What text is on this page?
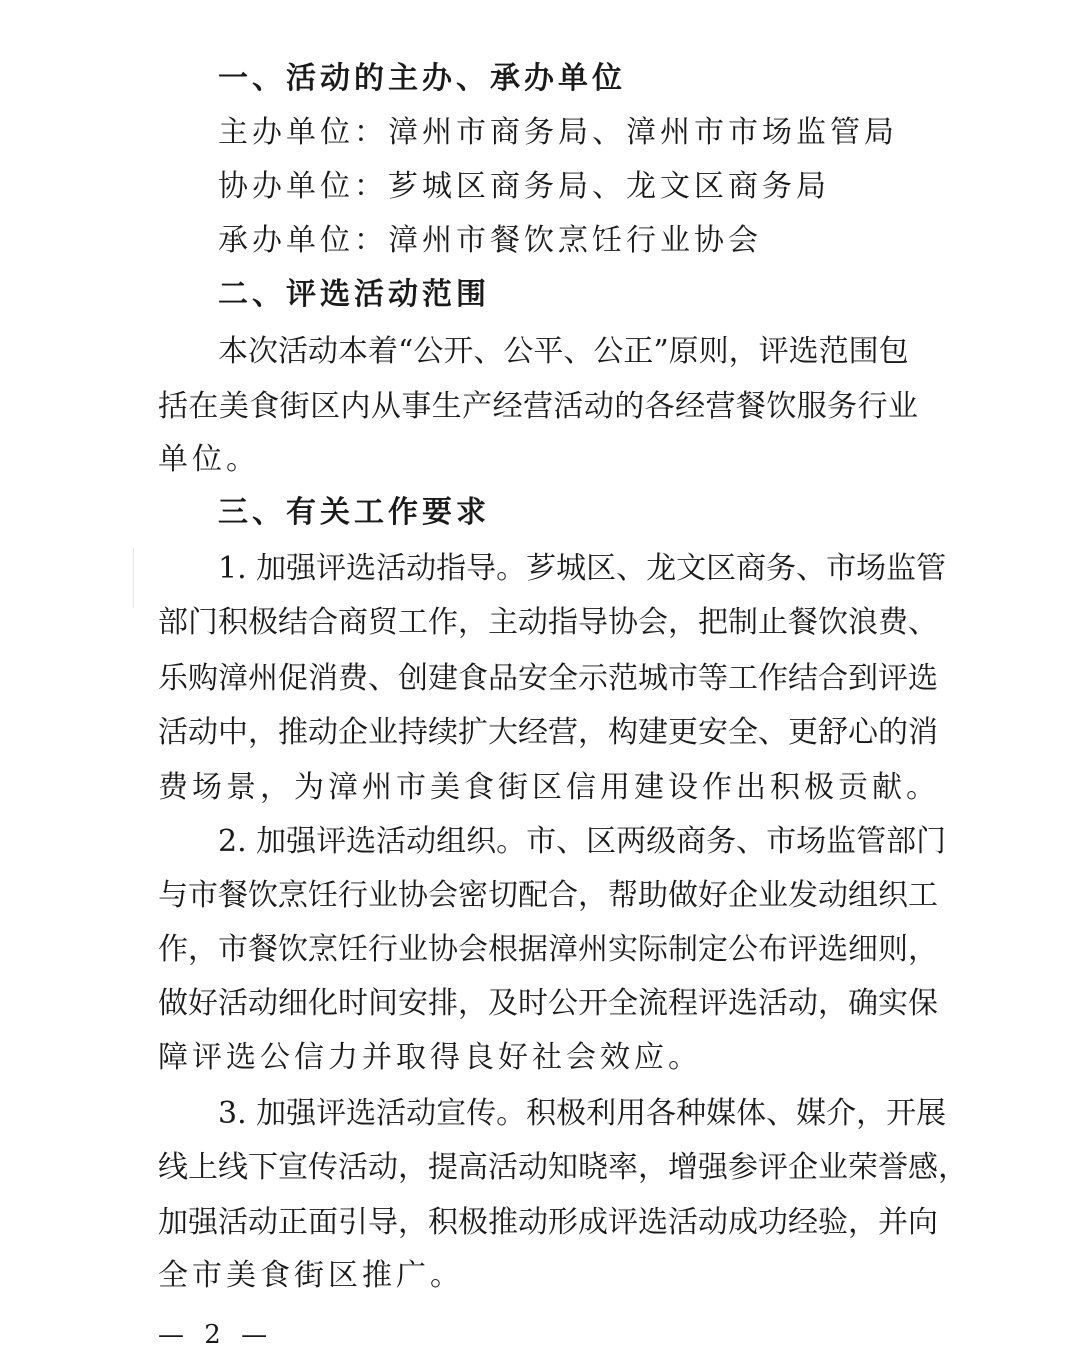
一、活动的主办、承办单位
主办单位：漳州市商务局、漳州市市场监管局
协办单位：芗城区商务局、龙文区商务局
承办单位：漳州市餐饮烹饪行业协会
二、评选活动范围
本次活动本着“公开、公平、公正”原则，评选范围包
括在美食街区内从事生产经营活动的各经营餐饮服务行业
单位。
三、有关工作要求
1. 加强评选活动指导。芗城区、龙文区商务、市场监管
部门积极结合商贸工作，主动指导协会，把制止餐饮浪费、
乐购漳州促消费、创建食品安全示范城市等工作结合到评选
活动中，推动企业持续扩大经营，构建更安全、更舒心的消
费场景，为漳州市美食街区信用建设作出积极贡献。
2. 加强评选活动组织。市、区两级商务、市场监管部门
与市餐饮烹饪行业协会密切配合，帮助做好企业发动组织工
作，市餐饮烹饪行业协会根据漳州实际制定公布评选细则，
做好活动细化时间安排，及时公开全流程评选活动，确实保
障评选公信力并取得良好社会效应。
3. 加强评选活动宣传。积极利用各种媒体、媒介，开展
线上线下宣传活动，提高活动知晓率，增强参评企业荣誉感，
加强活动正面引导，积极推动形成评选活动成功经验，并向
全市美食街区推广。
— 2 —
